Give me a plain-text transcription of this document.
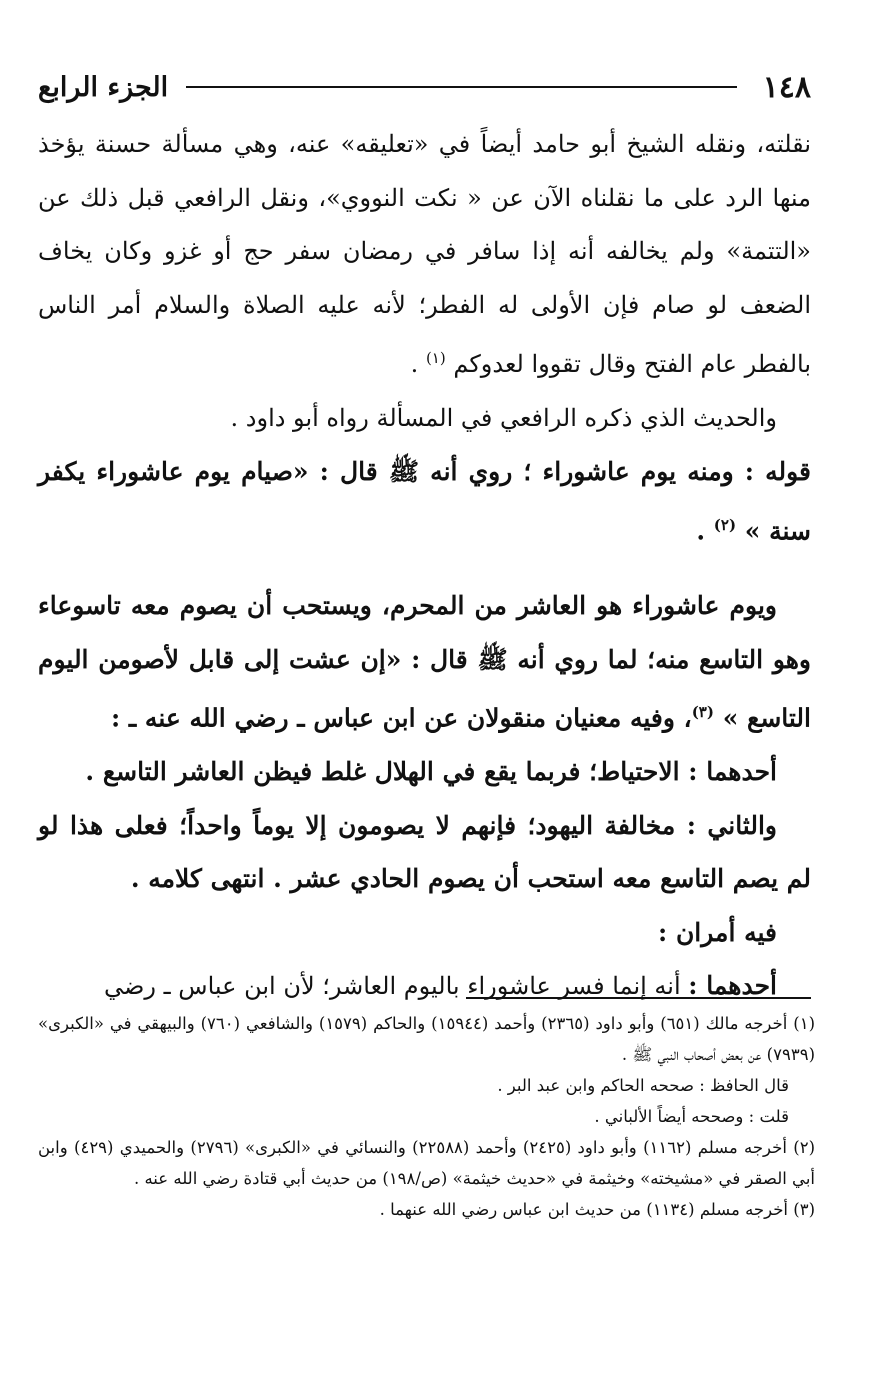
١٤٨
الجزء الرابع

نقلته، ونقله الشيخ أبو حامد أيضاً في «تعليقه» عنه، وهي مسألة حسنة يؤخذ منها الرد على ما نقلناه الآن عن « نكت النووي»، ونقل الرافعي قبل ذلك عن «التتمة» ولم يخالفه أنه إذا سافر في رمضان سفر حج أو غزو وكان يخاف الضعف لو صام فإن الأولى له الفطر؛ لأنه عليه الصلاة والسلام أمر الناس بالفطر عام الفتح وقال تقووا لعدوكم $^{(١)}$ .

والحديث الذي ذكره الرافعي في المسألة رواه أبو داود .

قوله : ومنه يوم عاشوراء ؛ روي أنه ﷺ قال : «صيام يوم عاشوراء يكفر سنة » $^{(٢)}$ .

ويوم عاشوراء هو العاشر من المحرم، ويستحب أن يصوم معه تاسوعاء وهو التاسع منه؛ لما روي أنه ﷺ قال : «إن عشت إلى قابل لأصومن اليوم التاسع » $^{(٣)}$، وفيه معنيان منقولان عن ابن عباس ـ رضي الله عنه ـ :

أحدهما : الاحتياط؛ فربما يقع في الهلال غلط فيظن العاشر التاسع .

والثاني : مخالفة اليهود؛ فإنهم لا يصومون إلا يوماً واحداً؛ فعلى هذا لو لم يصم التاسع معه استحب أن يصوم الحادي عشر . انتهى كلامه .

فيه أمران :

أحدهما : أنه إنما فسر عاشوراء باليوم العاشر؛ لأن ابن عباس ـ رضي

(١) أخرجه مالك (٦٥١) وأبو داود (٢٣٦٥) وأحمد (١٥٩٤٤) والحاكم (١٥٧٩) والشافعي (٧٦٠) والبيهقي في «الكبرى» (٧٩٣٩) عن بعض أصحاب النبي ﷺ .

قال الحافظ : صححه الحاكم وابن عبد البر .

قلت : وصححه أيضاً الألباني .

(٢) أخرجه مسلم (١١٦٢) وأبو داود (٢٤٢٥) وأحمد (٢٢٥٨٨) والنسائي في «الكبرى» (٢٧٩٦) والحميدي (٤٢٩) وابن أبي الصقر في «مشيخته» وخيثمة في «حديث خيثمة» (ص/١٩٨) من حديث أبي قتادة رضي الله عنه .

(٣) أخرجه مسلم (١١٣٤) من حديث ابن عباس رضي الله عنهما .
